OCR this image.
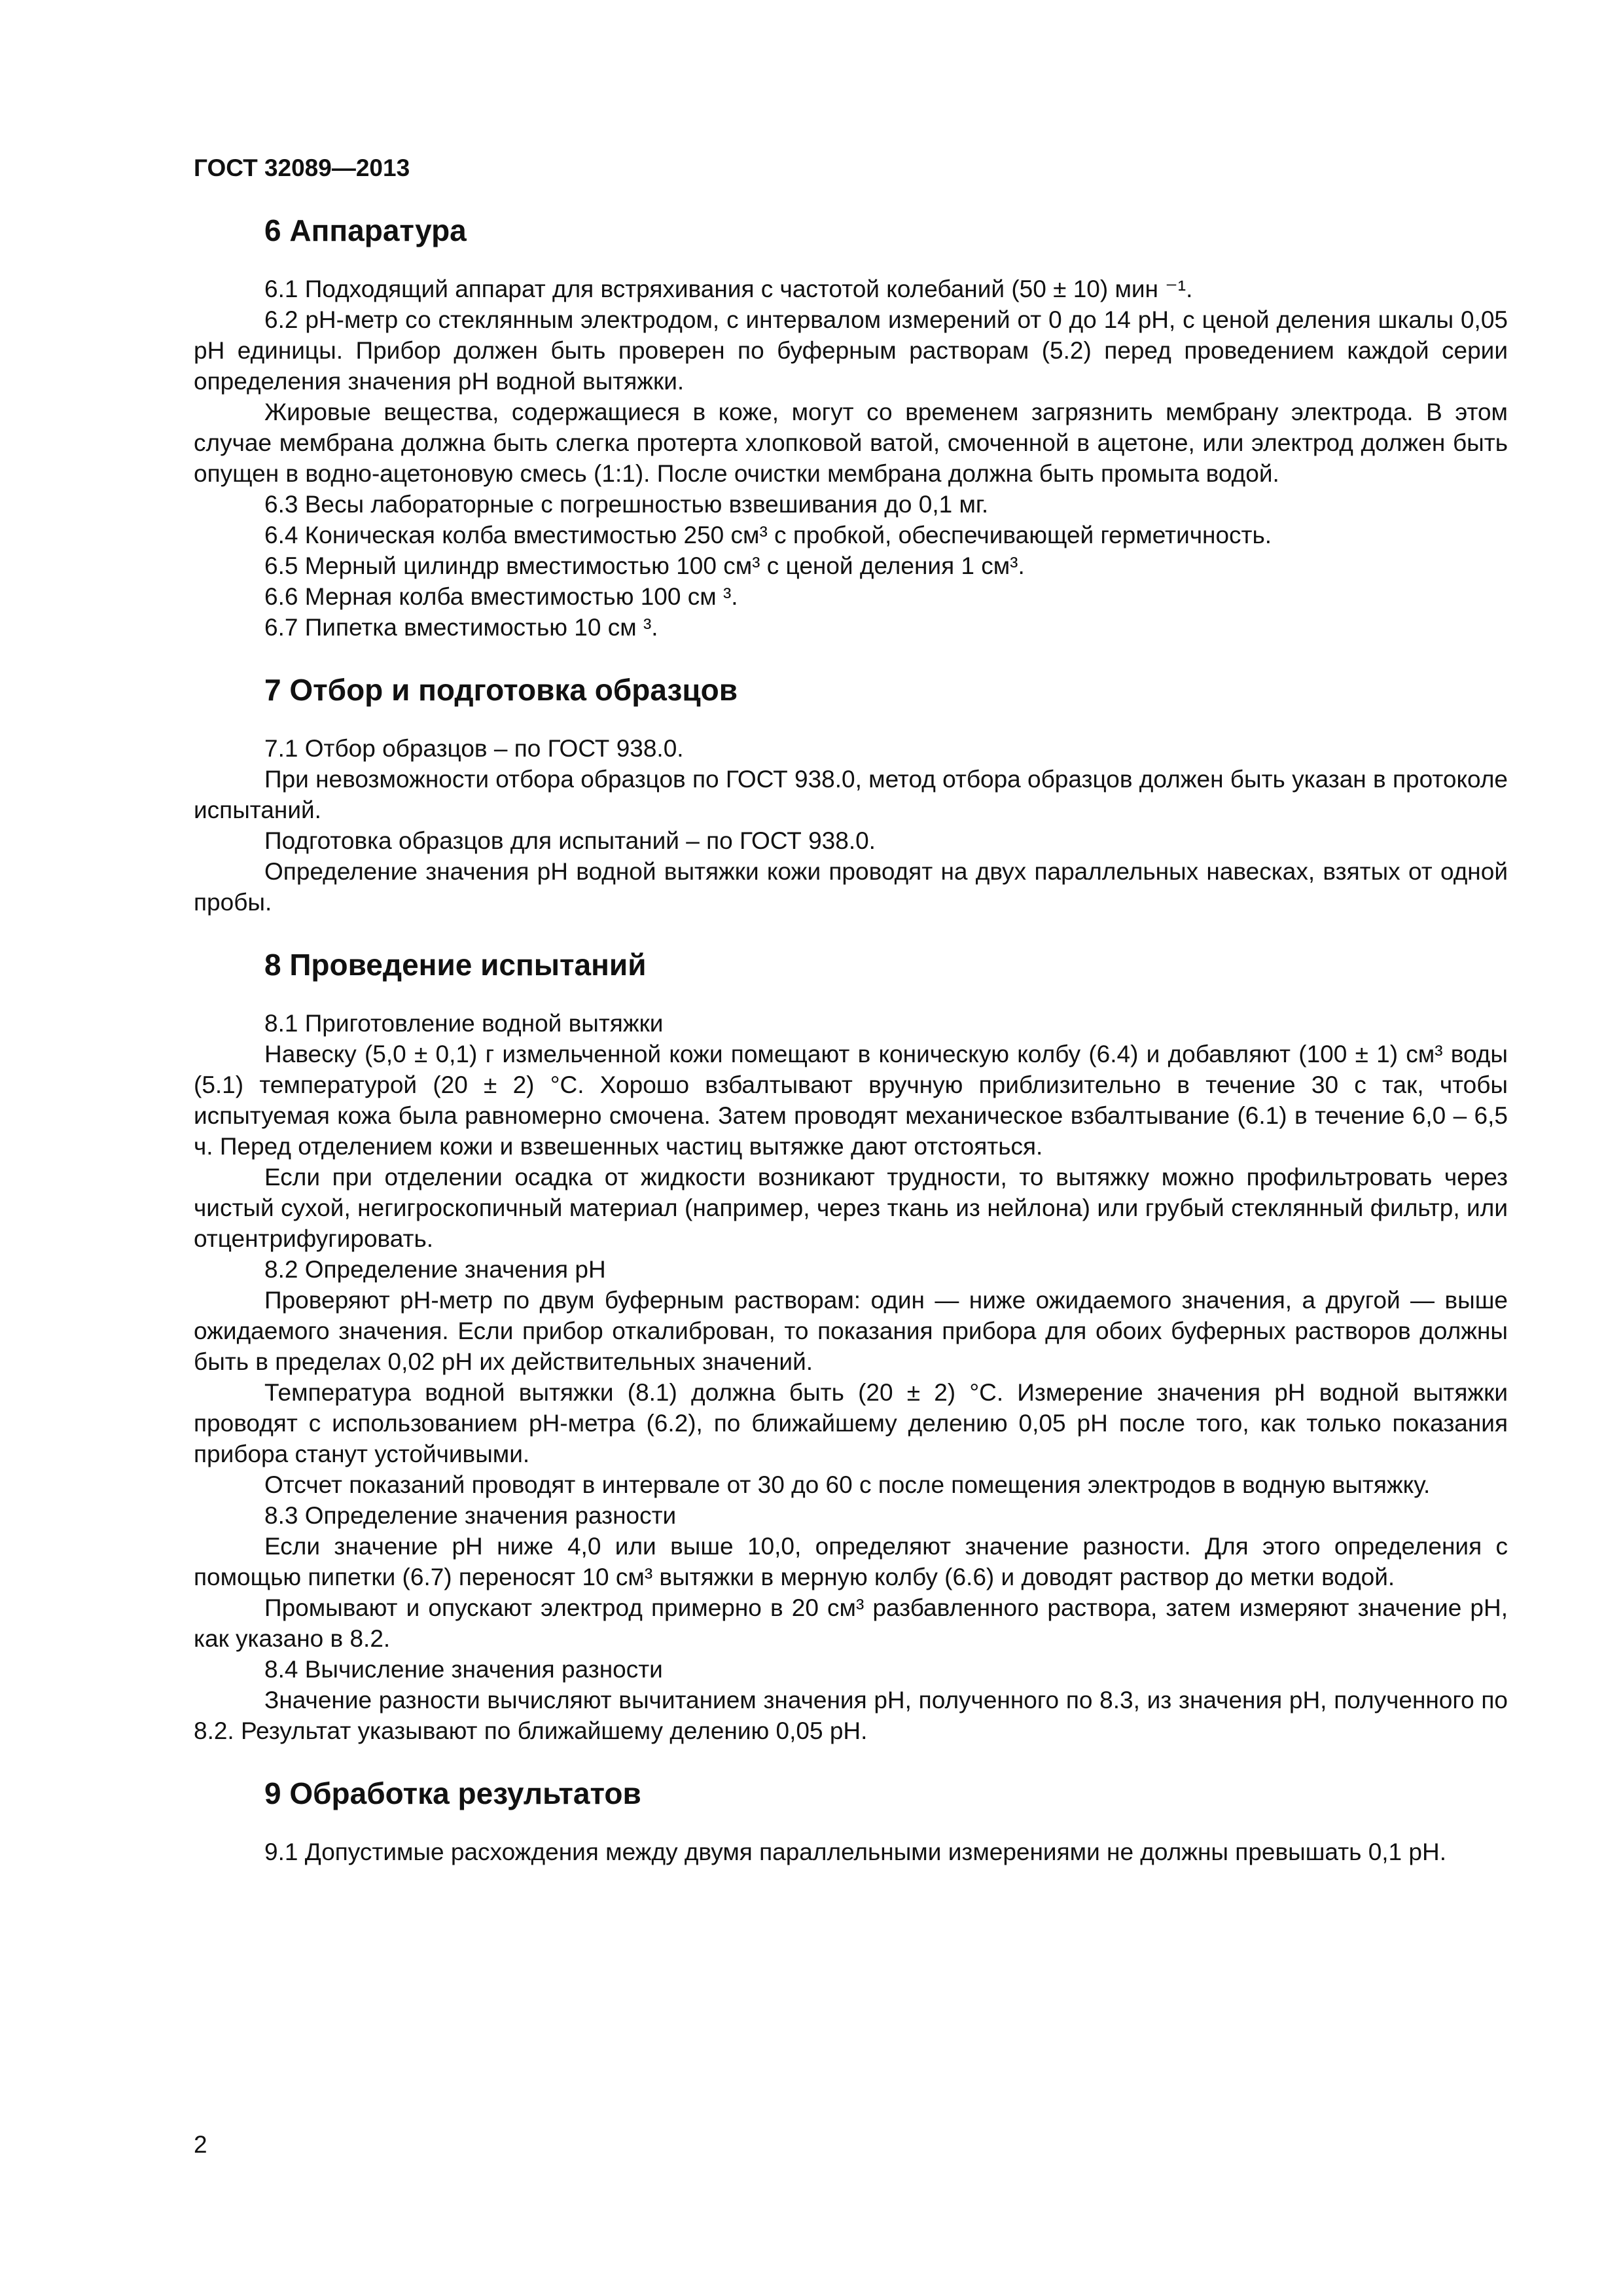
ГОСТ 32089—2013
6 Аппаратура

6.1 Подходящий аппарат для встряхивания с частотой колебаний (50 ± 10) мин ⁻¹.

6.2 рН-метр со стеклянным электродом, с интервалом измерений от 0 до 14 рН, с ценой деления шкалы 0,05 рН единицы. Прибор должен быть проверен по буферным растворам (5.2) перед проведением каждой серии определения значения рН водной вытяжки.

Жировые вещества, содержащиеся в коже, могут со временем загрязнить мембрану электрода. В этом случае мембрана должна быть слегка протерта хлопковой ватой, смоченной в ацетоне, или электрод должен быть опущен в водно-ацетоновую смесь (1:1). После очистки мембрана должна быть промыта водой.

6.3 Весы лабораторные с погрешностью взвешивания до 0,1 мг.

6.4 Коническая колба вместимостью 250 см³ с пробкой, обеспечивающей герметичность.

6.5 Мерный цилиндр вместимостью 100 см³ с ценой деления 1 см³.

6.6 Мерная колба вместимостью 100 см ³.

6.7 Пипетка вместимостью 10 см ³.

7 Отбор и подготовка образцов

7.1 Отбор образцов – по ГОСТ 938.0.

При невозможности отбора образцов по ГОСТ 938.0, метод отбора образцов должен быть указан в протоколе испытаний.

Подготовка образцов для испытаний – по ГОСТ 938.0.

Определение значения рН водной вытяжки кожи проводят на двух параллельных навесках, взятых от одной пробы.

8 Проведение испытаний

8.1 Приготовление водной вытяжки

Навеску (5,0 ± 0,1) г измельченной кожи помещают в коническую колбу (6.4) и добавляют (100 ± 1) см³ воды (5.1) температурой (20 ± 2) °С. Хорошо взбалтывают вручную приблизительно в течение 30 с так, чтобы испытуемая кожа была равномерно смочена. Затем проводят механическое взбалтывание (6.1) в течение 6,0 – 6,5 ч. Перед отделением кожи и взвешенных частиц вытяжке дают отстояться.

Если при отделении осадка от жидкости возникают трудности, то вытяжку можно профильтровать через чистый сухой, негигроскопичный материал (например, через ткань из нейлона) или грубый стеклянный фильтр, или отцентрифугировать.

8.2 Определение значения рН

Проверяют рН-метр по двум буферным растворам: один — ниже ожидаемого значения, а другой — выше ожидаемого значения. Если прибор откалиброван, то показания прибора для обоих буферных растворов должны быть в пределах 0,02 рН их действительных значений.

Температура водной вытяжки (8.1) должна быть (20 ± 2) °С. Измерение значения рН водной вытяжки проводят с использованием рН-метра (6.2), по ближайшему делению 0,05 рН после того, как только показания прибора станут устойчивыми.

Отсчет показаний проводят в интервале от 30 до 60 с после помещения электродов в водную вытяжку.

8.3 Определение значения разности

Если значение рН ниже 4,0 или выше 10,0, определяют значение разности. Для этого определения с помощью пипетки (6.7) переносят 10 см³ вытяжки в мерную колбу (6.6) и доводят раствор до метки водой.

Промывают и опускают электрод примерно в 20 см³ разбавленного раствора, затем измеряют значение рН, как указано в 8.2.

8.4 Вычисление значения разности

Значение разности вычисляют вычитанием значения рН, полученного по 8.3, из значения рН, полученного по 8.2. Результат указывают по ближайшему делению 0,05 рН.

9 Обработка результатов

9.1 Допустимые расхождения между двумя параллельными измерениями не должны превышать 0,1 рН.

2
